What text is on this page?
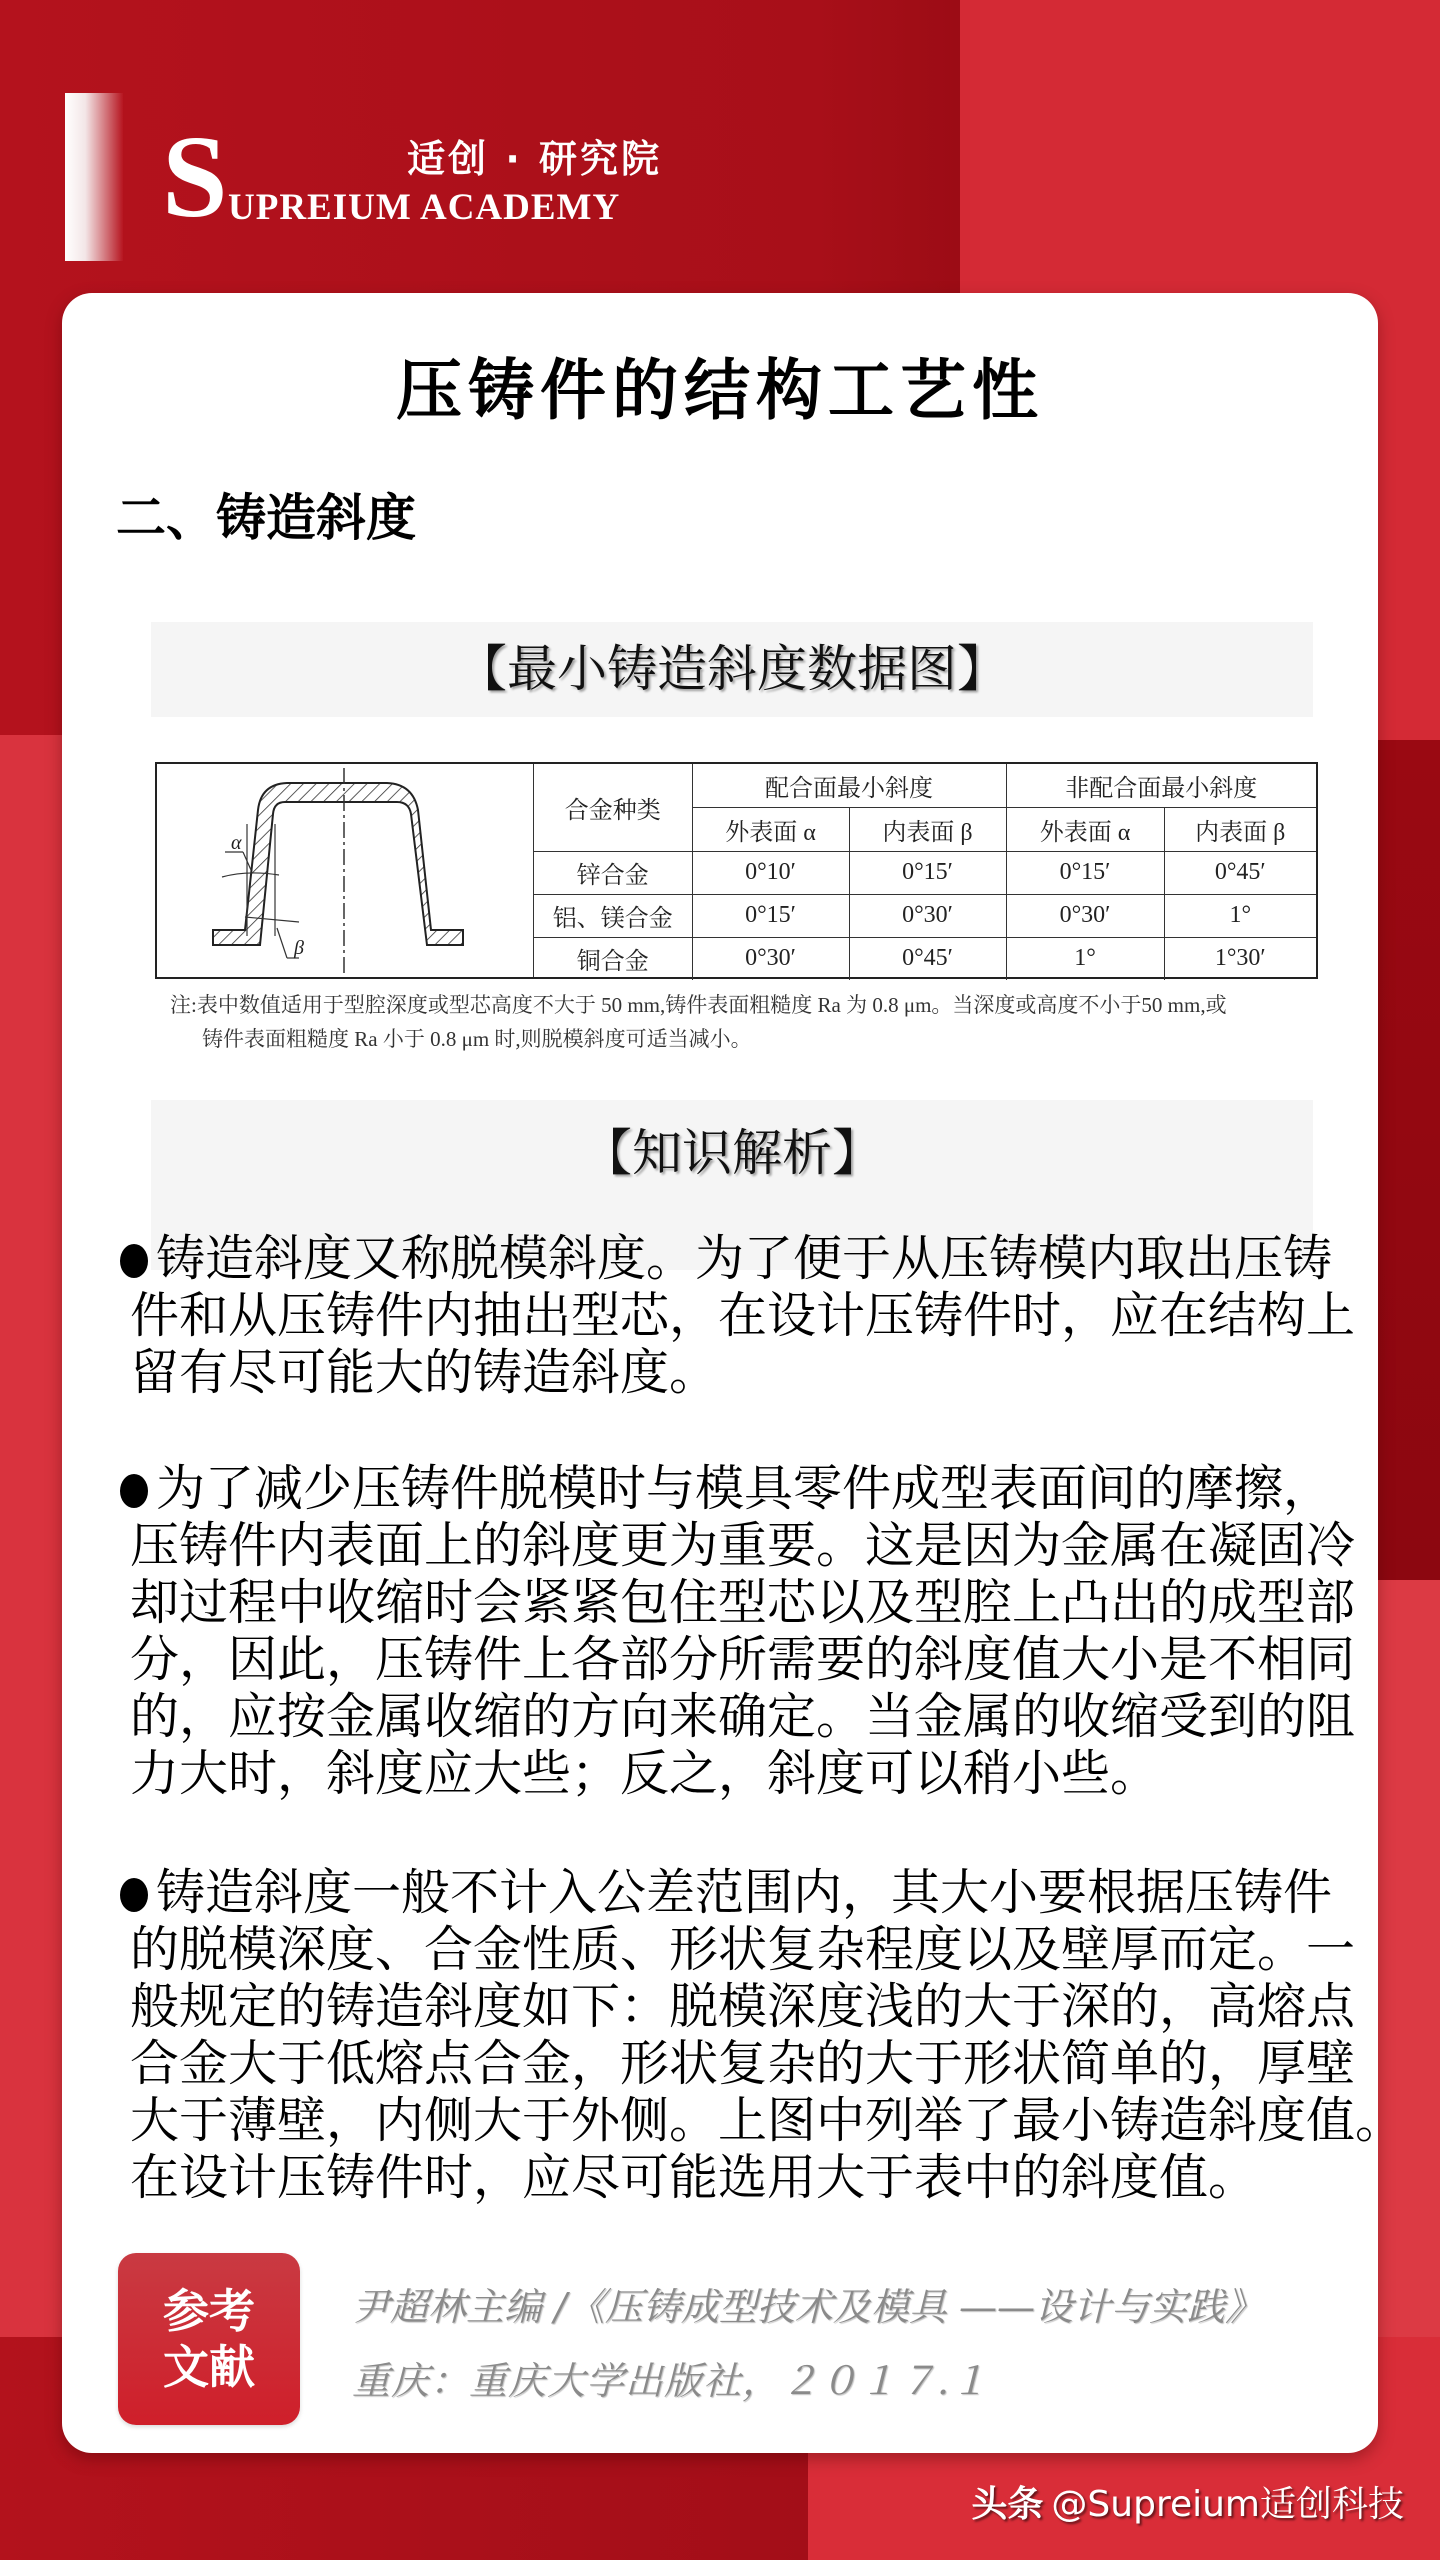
S	适创 · 研究院
UPREIUM ACADEMY
压铸件的结构工艺性
二、铸造斜度
【最小铸造斜度数据图】
α
β
合金种类	配合面最小斜度		非配合面最小斜度	
	外表面 α	内表面 β	外表面 α	内表面 β
锌合金	0°10′	0°15′	0°15′	0°45′
铝、镁合金	0°15′	0°30′	0°30′	1°
铜合金	0°30′	0°45′	1°	1°30′
注:表中数值适用于型腔深度或型芯高度不大于 50 mm,铸件表面粗糙度 Ra 为 0.8 μm。当深度或高度不小于50 mm,或
铸件表面粗糙度 Ra 小于 0.8 μm 时,则脱模斜度可适当减小。
【知识解析】
铸造斜度又称脱模斜度。为了便于从压铸模内取出压铸
件和从压铸件内抽出型芯，在设计压铸件时，应在结构上
留有尽可能大的铸造斜度。
为了减少压铸件脱模时与模具零件成型表面间的摩擦，
压铸件内表面上的斜度更为重要。这是因为金属在凝固冷
却过程中收缩时会紧紧包住型芯以及型腔上凸出的成型部
分，因此，压铸件上各部分所需要的斜度值大小是不相同
的，应按金属收缩的方向来确定。当金属的收缩受到的阻
力大时，斜度应大些；反之，斜度可以稍小些。
铸造斜度一般不计入公差范围内，其大小要根据压铸件
的脱模深度、合金性质、形状复杂程度以及壁厚而定。一
般规定的铸造斜度如下：脱模深度浅的大于深的，高熔点
合金大于低熔点合金，形状复杂的大于形状简单的，厚壁
大于薄壁，内侧大于外侧。上图中列举了最小铸造斜度值。
在设计压铸件时，应尽可能选用大于表中的斜度值。
参考
文献
尹超林主编 /《压铸成型技术及模具 ——设计与实践》
重庆：重庆大学出版社，２０１７.１
头条 @Supreium适创科技
